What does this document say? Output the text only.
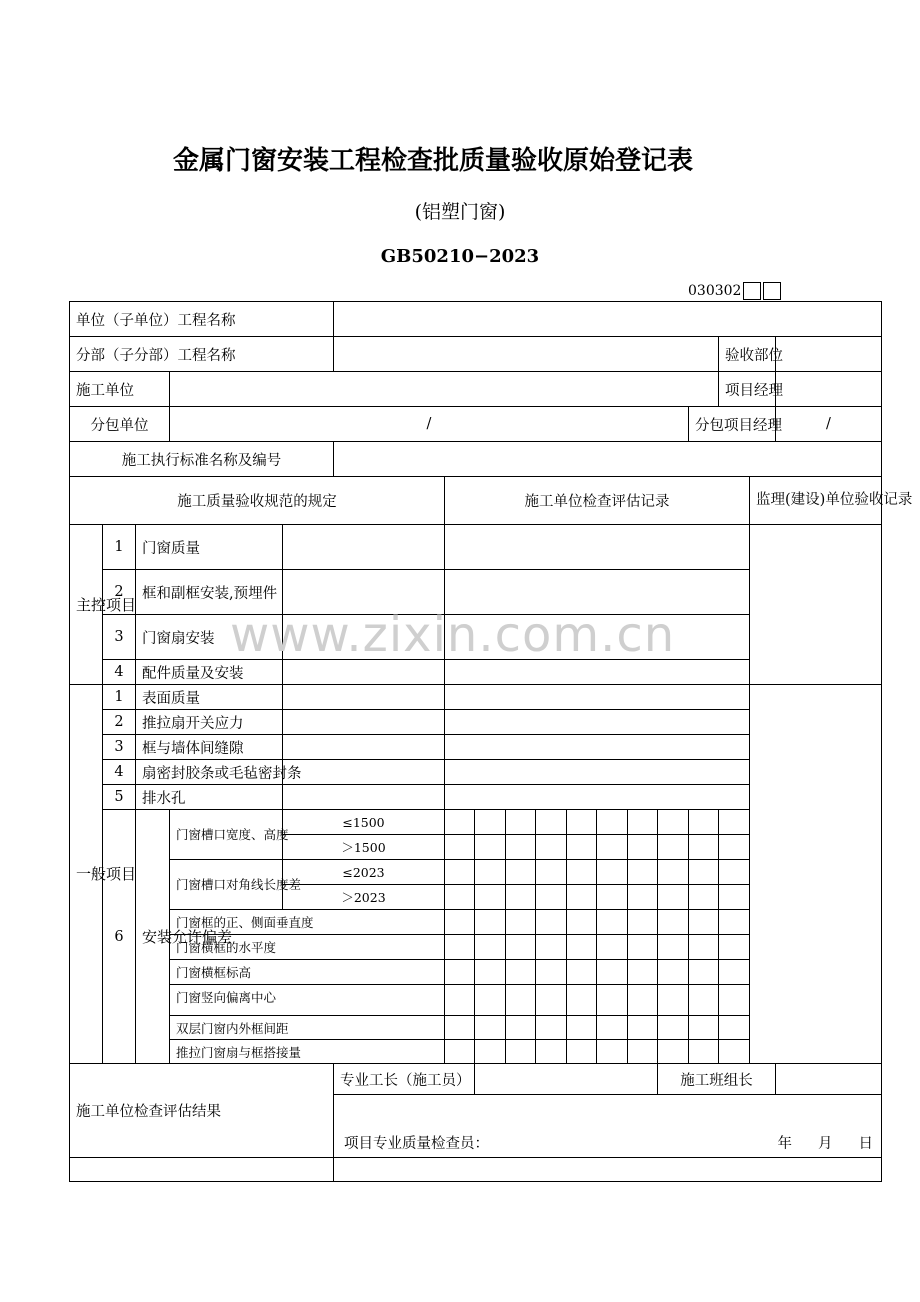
金属门窗安装工程检查批质量验收原始登记表
(铝塑门窗)
GB50210−2023
030302
单位（子单位）工程名称																		
分部（子分部）工程名称															验收部位			
施工单位															项目经理			
分包单位			/											分包项目经理			/	
施工执行标准名称及编号																		
施工质量验收规范的规定						施工单位检查评估记录										监理(建设)单位验收记录		
主控项目	1	门窗质量																
	2	框和副框安装,预埋件																
	3	门窗扇安装																
	4	配件质量及安装																
一般项目	1	表面质量																
	2	推拉扇开关应力																
	3	框与墙体间缝隙																
	4	扇密封胶条或毛毡密封条																
	5	排水孔																
	6	安装允许偏差	门窗槽口宽度、高度	≤1500														
				＞1500														
			门窗槽口对角线长度差	≤2023														
				＞2023														
			门窗框的正、侧面垂直度															
			门窗横框的水平度															
			门窗横框标高															
			门窗竖向偏离中心															
			双层门窗内外框间距															
			推拉门窗扇与框搭接量															
施工单位检查评估结果					专业工长（施工员）								施工班组长					

					项目专业质量检查员： 年 月 日													

www.zixin.com.cn
